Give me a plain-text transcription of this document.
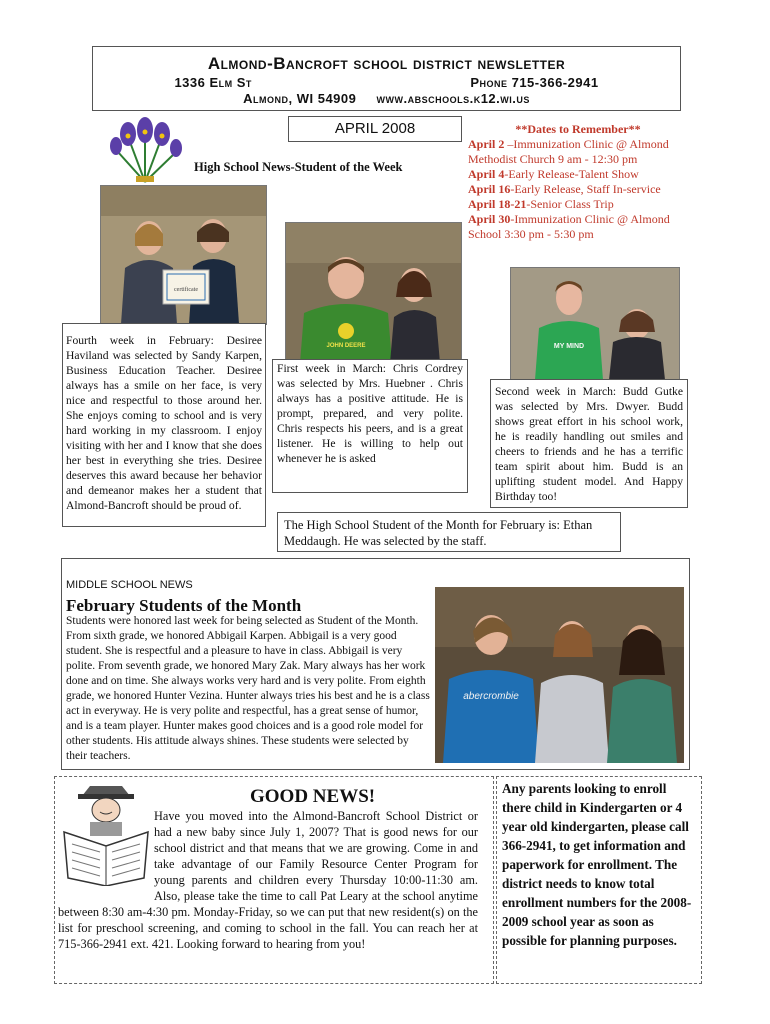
Almond-Bancroft school district newsletter
1336 Elm St	Phone 715-366-2941
Almond, WI 54909 www.abschools.k12.wi.us
APRIL 2008	**Dates to Remember**
April 2 –Immunization Clinic @ Almond Methodist Church 9 am - 12:30 pm
April 4-Early Release-Talent Show
April 16-Early Release, Staff In-service
April 18-21-Senior Class Trip
April 30-Immunization Clinic @ Almond School 3:30 pm - 5:30 pm
High School News-Student of the Week
certificate
JOHN DEERE	MY MIND
Fourth week in February: Desiree Haviland was selected by Sandy Karpen, Business Education Teacher. Desiree always has a smile on her face, is very nice and respectful to those around her. She enjoys coming to school and is very hard working in my classroom. I enjoy visiting with her and I know that she does her best in everything she tries. Desiree deserves this award because her behavior and demeanor makes her a student that Almond-Bancroft should be proud of.
First week in March: Chris Cordrey was selected by Mrs. Huebner . Chris always has a positive attitude. He is prompt, prepared, and very polite. Chris respects his peers, and is a great listener. He is willing to help out whenever he is asked
Second week in March: Budd Gutke was selected by Mrs. Dwyer. Budd shows great effort in his school work, he is readily handling out smiles and cheers to friends and he has a terrific team spirit about him. Budd is an uplifting student model. And Happy Birthday too!
The High School Student of the Month for February is: Ethan Meddaugh. He was selected by the staff.
MIDDLE SCHOOL NEWS
February Students of the Month
Students were honored last week for being selected as Student of the Month. From sixth grade, we honored Abbigail Karpen. Abbigail is a very good student. She is respectful and a pleasure to have in class. Abbigail is very polite. From seventh grade, we honored Mary Zak. Mary always has her work done and on time. She always works very hard and is very polite. From eighth grade, we honored Hunter Vezina. Hunter always tries his best and he is a class act in everyway. He is very polite and respectful, has a great sense of humor, and is a team player. Hunter makes good choices and is a good role model for other students. His attitude always shines. These students were selected by their teachers.
abercrombie
GOOD NEWS!
Have you moved into the Almond-Bancroft School District or had a new baby since July 1, 2007? That is good news for our school district and that means that we are growing. Come in and take advantage of our Family Resource Center Program for young parents and children every Thursday 10:00-11:30 am. Also, please take the time to call Pat Leary at the school anytime between 8:30 am-4:30 pm. Monday-Friday, so we can put that new resident(s) on the list for preschool screening, and coming to school in the fall. You can reach her at 715-366-2941 ext. 421. Looking forward to hearing from you!
Any parents looking to enroll there child in Kindergarten or 4 year old kindergarten, please call 366-2941, to get information and paperwork for enrollment. The district needs to know total enrollment numbers for the 2008-2009 school year as soon as possible for planning purposes.
